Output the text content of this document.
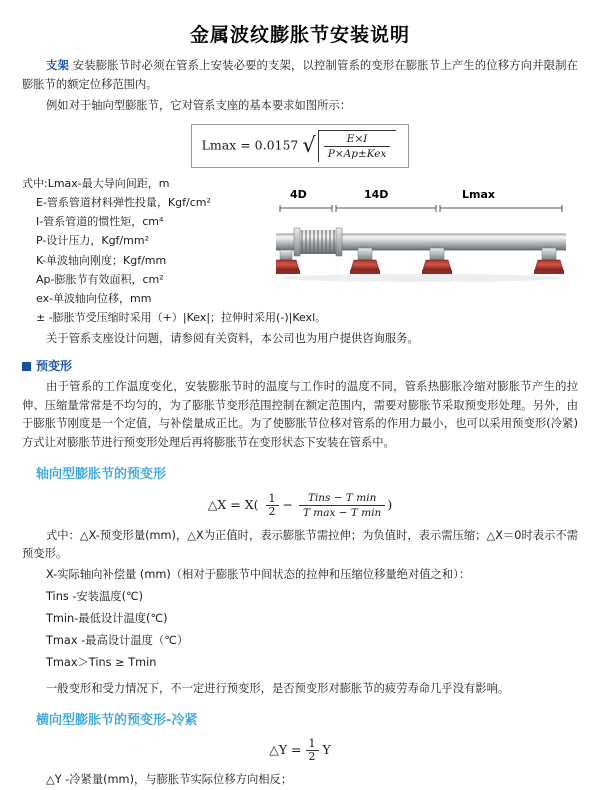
金属波纹膨胀节安装说明
支架 安装膨胀节时必须在管系上安装必要的支架，以控制管系的变形在膨胀节上产生的位移方向并限制在膨胀节的额定位移范围内。
例如对于轴向型膨胀节，它对管系支座的基本要求如图所示：
Lmax = 0.0157 √ $\frac{E\times I}{\text{P×Ap±Kex}}$
式中:Lmax-最大导向间距，m
E-管系管道材料弹性投量，Kgf/cm²
I-管系管道的惯性矩，cm⁴
P-设计压力，Kgf/mm²
K-单波轴向刚度；Kgf/mm
Ap-膨胀节有效面积，cm²
ex-单波轴向位移，mm
± -膨胀节受压缩时采用（+）|Kex|；拉伸时采用(-)|Kexl。
4D	14D	Lmax
关于管系支座设计问题，请参阅有关资料，本公司也为用户提供咨询服务。
预变形
由于管系的工作温度变化，安装膨胀节时的温度与工作时的温度不同，管系热膨胀冷缩对膨胀节产生的拉伸、压缩量常常是不均匀的，为了膨胀节变形范围控制在额定范围内，需要对膨胀节采取预变形处理。另外，由于膨胀节刚度是一个定值，与补偿量成正比。为了使膨胀节位移对管系的作用力最小，也可以采用预变形(冷紧)方式让对膨胀节进行预变形处理后再将膨胀节在变形状态下安装在管系中。
轴向型膨胀节的预变形
△X = $X( \frac{1}{2} - \frac{\text{Tins − T min}}{\text{T max − T min}}$ )
式中：△X-预变形量(mm)，△X为正值时，表示膨胀节需拉伸；为负值时，表示需压缩；△X＝0时表示不需预变形。
X-实际轴向补偿量 (mm)（相对于膨胀节中间状态的拉伸和压缩位移量绝对值之和）：
Tins -安装温度(℃)
Tmin-最低设计温度(℃)
Tmax -最高设计温度（℃）
Tmax＞Tins ≥ Tmin
一般变形和受力情况下，不一定进行预变形，是否预变形对膨胀节的疲劳寿命几乎没有影响。
横向型膨胀节的预变形-冷紧
△Y = $\frac{1}{2}$ Y
△Y -冷紧量(mm)，与膨胀节实际位移方向相反；
